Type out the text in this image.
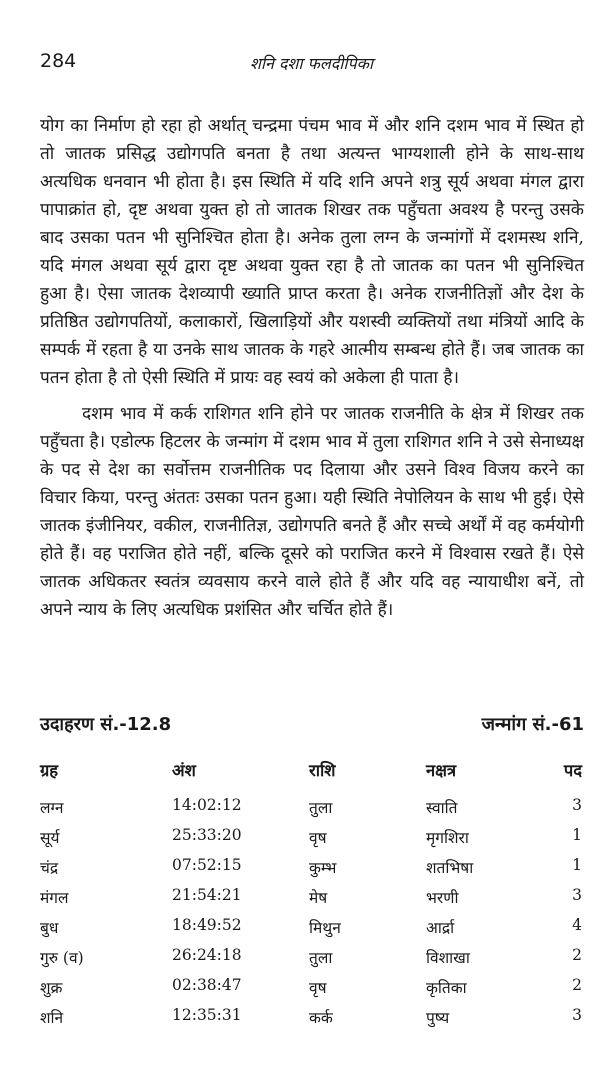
284	शनि दशा फलदीपिका

योग का निर्माण हो रहा हो अर्थात् चन्द्रमा पंचम भाव में और शनि दशम भाव में स्थित हो तो जातक प्रसिद्ध उद्योगपति बनता है तथा अत्यन्त भाग्यशाली होने के साथ-साथ अत्यधिक धनवान भी होता है। इस स्थिति में यदि शनि अपने शत्रु सूर्य अथवा मंगल द्वारा पापाक्रांत हो, दृष्ट अथवा युक्त हो तो जातक शिखर तक पहुँचता अवश्य है परन्तु उसके बाद उसका पतन भी सुनिश्चित होता है। अनेक तुला लग्न के जन्मांगों में दशमस्थ शनि, यदि मंगल अथवा सूर्य द्वारा दृष्ट अथवा युक्त रहा है तो जातक का पतन भी सुनिश्चित हुआ है। ऐसा जातक देशव्यापी ख्याति प्राप्त करता है। अनेक राजनीतिज्ञों और देश के प्रतिष्ठित उद्योगपतियों, कलाकारों, खिलाड़ियों और यशस्वी व्यक्तियों तथा मंत्रियों आदि के सम्पर्क में रहता है या उनके साथ जातक के गहरे आत्मीय सम्बन्ध होते हैं। जब जातक का पतन होता है तो ऐसी स्थिति में प्रायः वह स्वयं को अकेला ही पाता है।

दशम भाव में कर्क राशिगत शनि होने पर जातक राजनीति के क्षेत्र में शिखर तक पहुँचता है। एडोल्फ हिटलर के जन्मांग में दशम भाव में तुला राशिगत शनि ने उसे सेनाध्यक्ष के पद से देश का सर्वोत्तम राजनीतिक पद दिलाया और उसने विश्व विजय करने का विचार किया, परन्तु अंततः उसका पतन हुआ। यही स्थिति नेपोलियन के साथ भी हुई। ऐसे जातक इंजीनियर, वकील, राजनीतिज्ञ, उद्योगपति बनते हैं और सच्चे अर्थों में वह कर्मयोगी होते हैं। वह पराजित होते नहीं, बल्कि दूसरे को पराजित करने में विश्वास रखते हैं। ऐसे जातक अधिकतर स्वतंत्र व्यवसाय करने वाले होते हैं और यदि वह न्यायाधीश बनें, तो अपने न्याय के लिए अत्यधिक प्रशंसित और चर्चित होते हैं।

उदाहरण सं.-12.8	जन्मांग सं.-61
ग्रह	अंश	राशि	नक्षत्र	पद
लग्न	14:02:12	तुला	स्वाति	3
सूर्य	25:33:20	वृष	मृगशिरा	1
चंद्र	07:52:15	कुम्भ	शतभिषा	1
मंगल	21:54:21	मेष	भरणी	3
बुध	18:49:52	मिथुन	आर्द्रा	4
गुरु (व)	26:24:18	तुला	विशाखा	2
शुक्र	02:38:47	वृष	कृतिका	2
शनि	12:35:31	कर्क	पुष्य	3
